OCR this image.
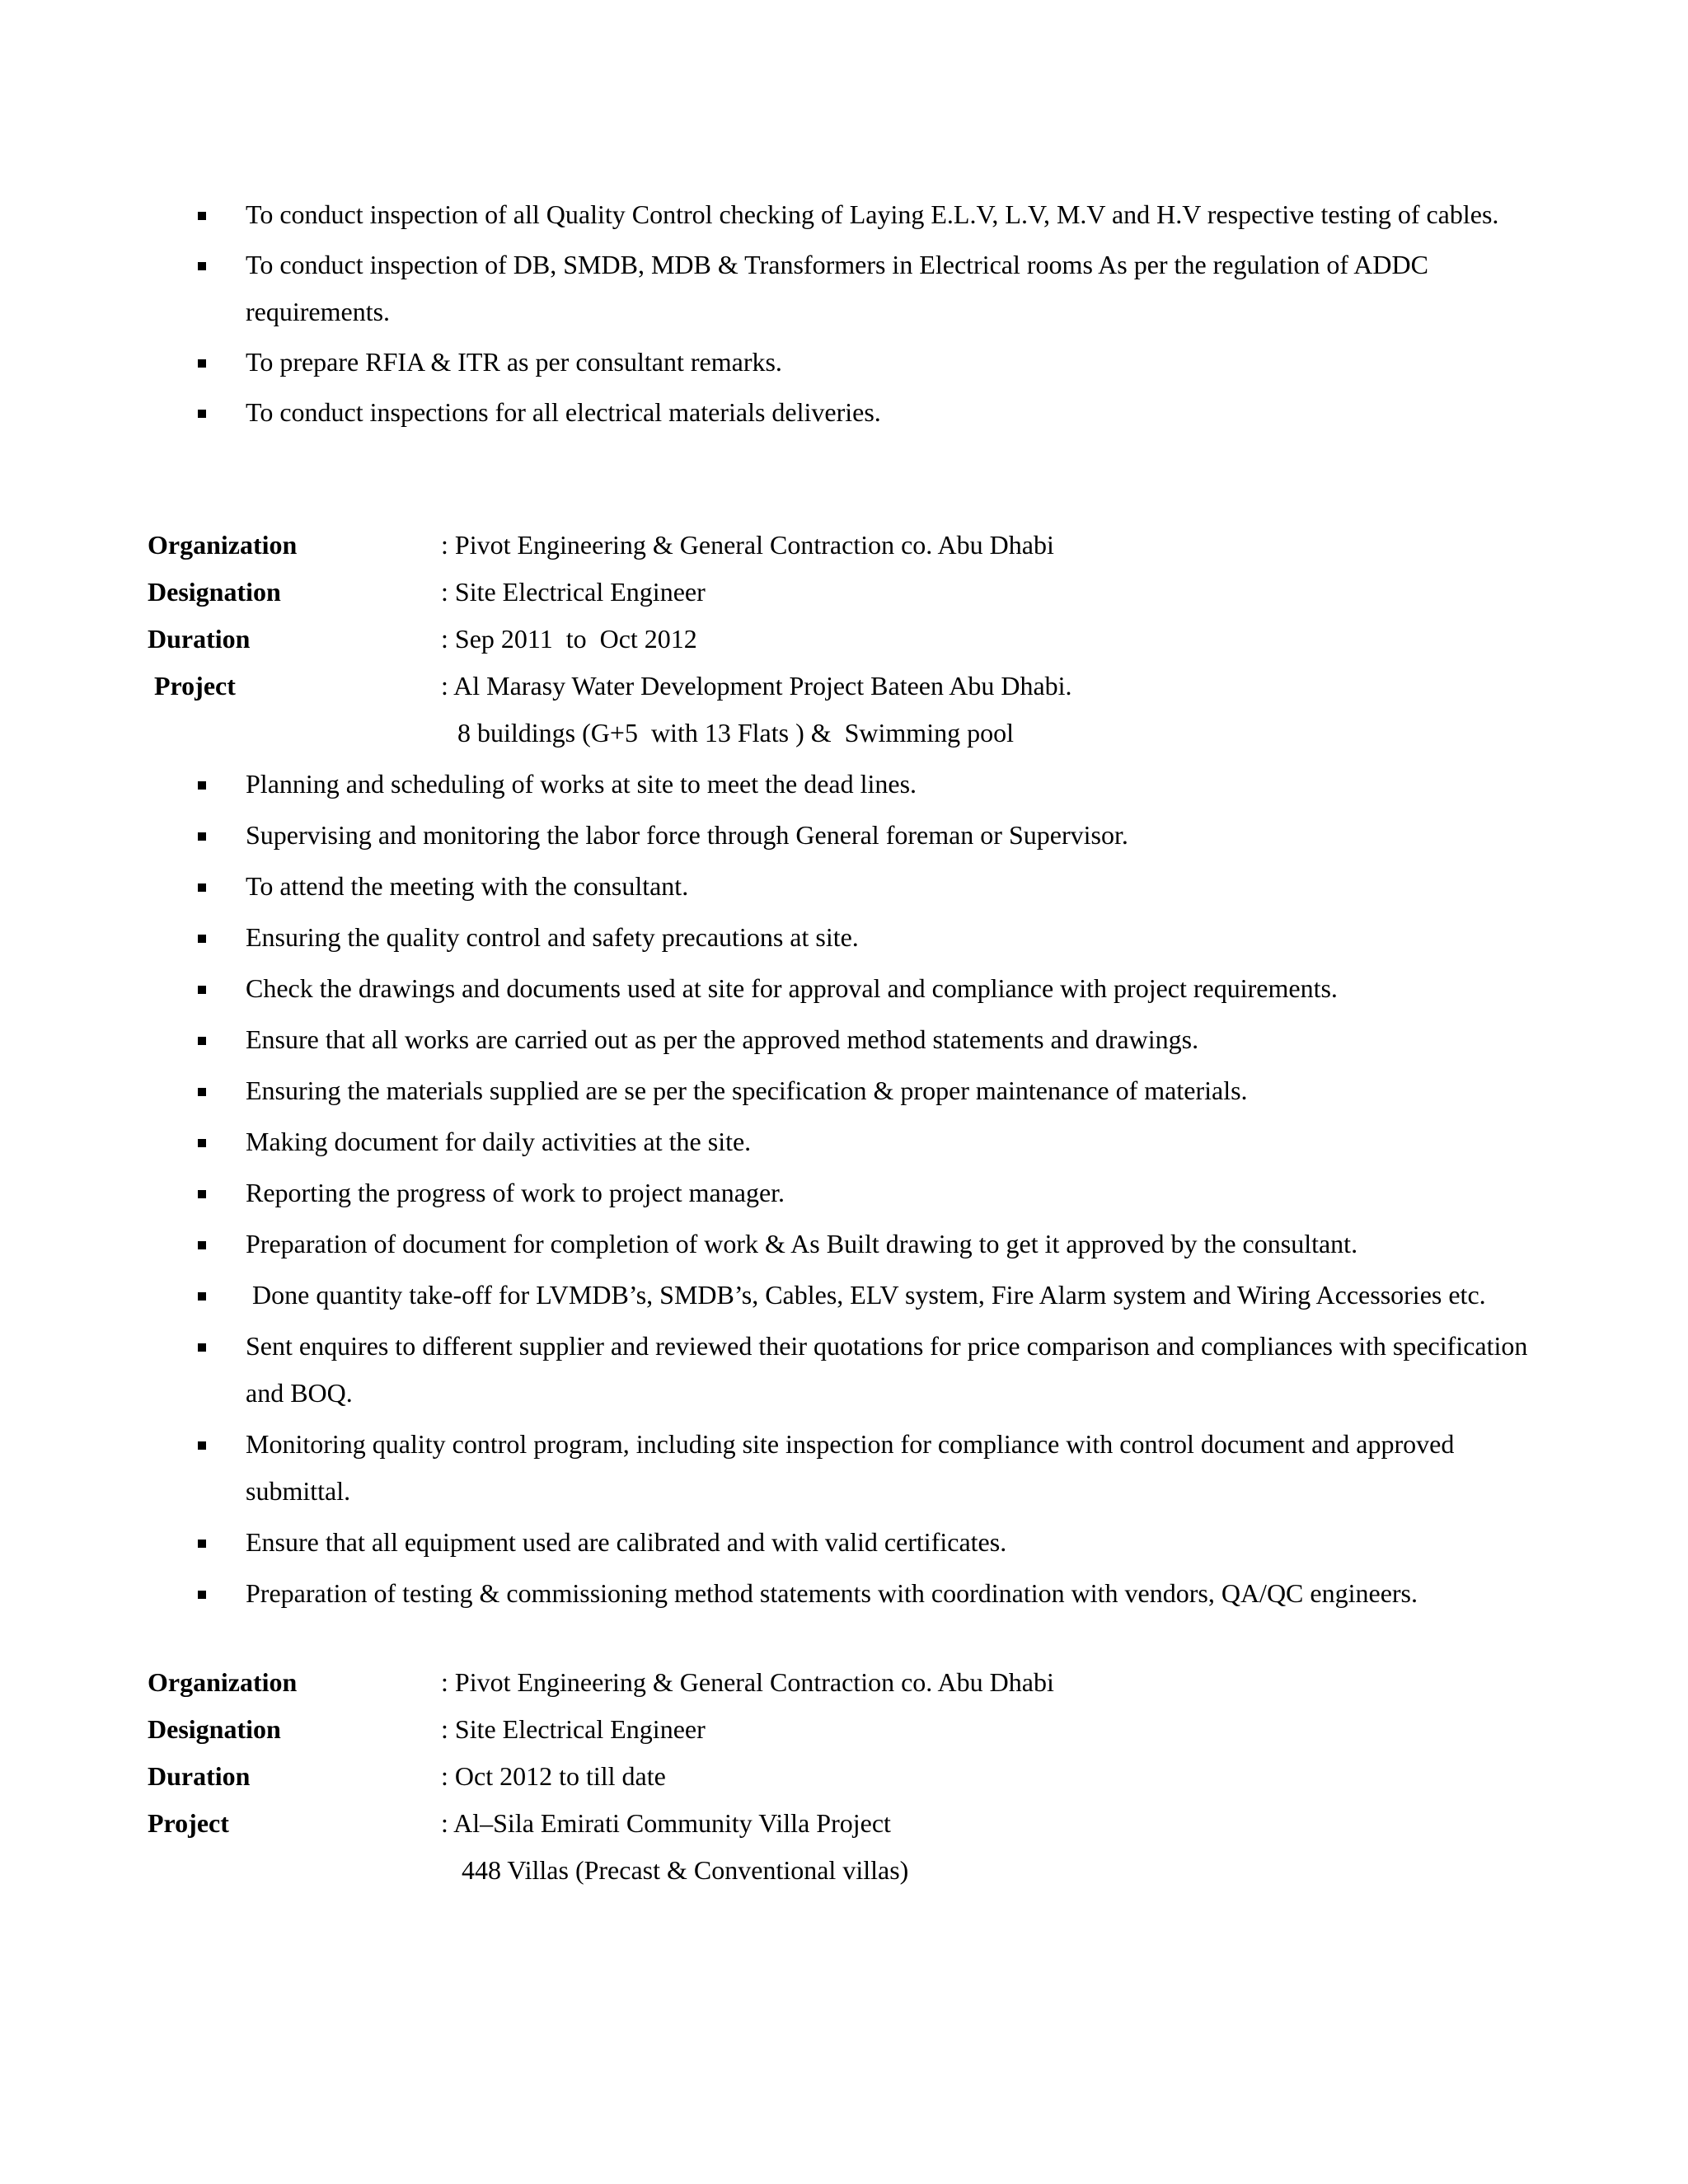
To conduct inspection of all Quality Control checking of Laying E.L.V, L.V, M.V and H.V respective testing of cables.
To conduct inspection of DB, SMDB, MDB & Transformers in Electrical rooms As per the regulation of ADDC requirements.
To prepare RFIA & ITR as per consultant remarks.
To conduct inspections for all electrical materials deliveries.
Organization	: Pivot Engineering & General Contraction co. Abu Dhabi
Designation	: Site Electrical Engineer
Duration	: Sep 2011  to  Oct 2012
Project	: Al Marasy Water Development Project Bateen Abu Dhabi.
8 buildings (G+5  with 13 Flats ) &  Swimming pool
Planning and scheduling of works at site to meet the dead lines.
Supervising and monitoring the labor force through General foreman or Supervisor.
To attend the meeting with the consultant.
Ensuring the quality control and safety precautions at site.
Check the drawings and documents used at site for approval and compliance with project requirements.
Ensure that all works are carried out as per the approved method statements and drawings.
Ensuring the materials supplied are se per the specification & proper maintenance of materials.
Making document for daily activities at the site.
Reporting the progress of work to project manager.
Preparation of document for completion of work & As Built drawing to get it approved by the consultant.
Done quantity take-off for LVMDB’s, SMDB’s, Cables, ELV system, Fire Alarm system and Wiring Accessories etc.
Sent enquires to different supplier and reviewed their quotations for price comparison and compliances with specification and BOQ.
Monitoring quality control program, including site inspection for compliance with control document and approved submittal.
Ensure that all equipment used are calibrated and with valid certificates.
Preparation of testing & commissioning method statements with coordination with vendors, QA/QC engineers.
Organization	: Pivot Engineering & General Contraction co. Abu Dhabi
Designation	: Site Electrical Engineer
Duration	: Oct 2012 to till date
Project	: Al–Sila Emirati Community Villa Project
448 Villas (Precast & Conventional villas)
